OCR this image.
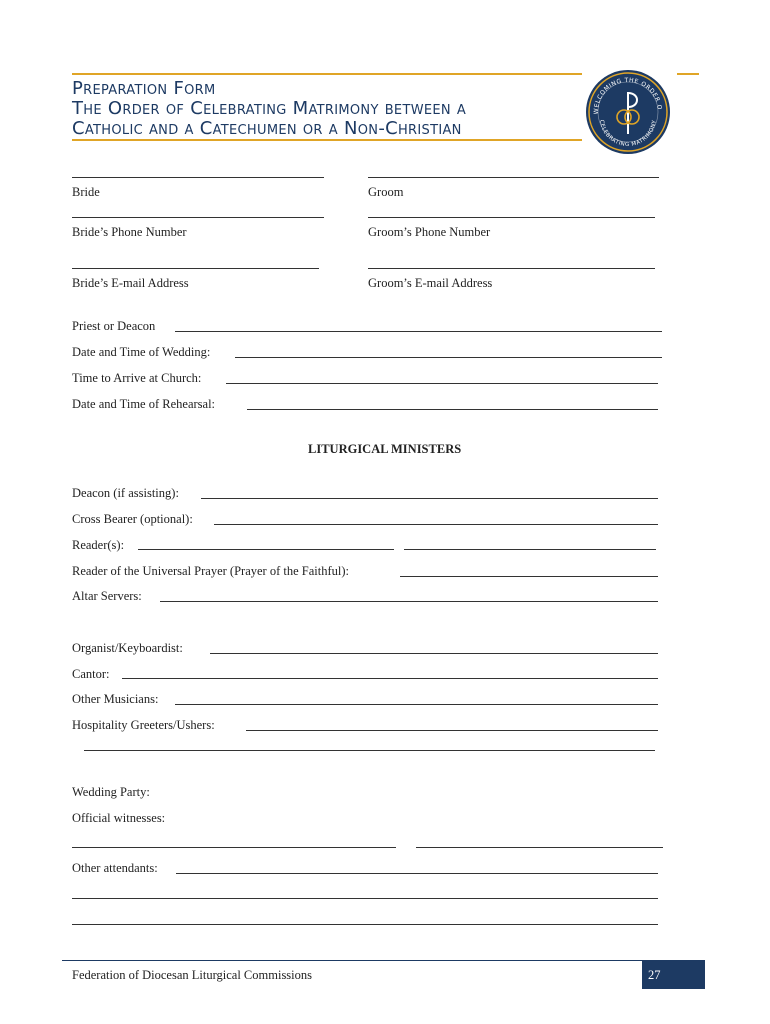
Preparation Form
The Order of Celebrating Matrimony between a
Catholic and a Catechumen or a Non-Christian
WELCOMING THE ORDER O
CELEBRATING MATRIMONY
Bride	Groom
Bride’s Phone Number	Groom’s Phone Number
Bride’s E-mail Address	Groom’s E-mail Address
Priest or Deacon
Date and Time of Wedding:
Time to Arrive at Church:
Date and Time of Rehearsal:
LITURGICAL MINISTERS
Deacon (if assisting):
Cross Bearer (optional):
Reader(s):
Reader of the Universal Prayer (Prayer of the Faithful):
Altar Servers:
Organist/Keyboardist:
Cantor:
Other Musicians:
Hospitality Greeters/Ushers:
Wedding Party:
Official witnesses:
Other attendants:
Federation of Diocesan Liturgical Commissions	27
